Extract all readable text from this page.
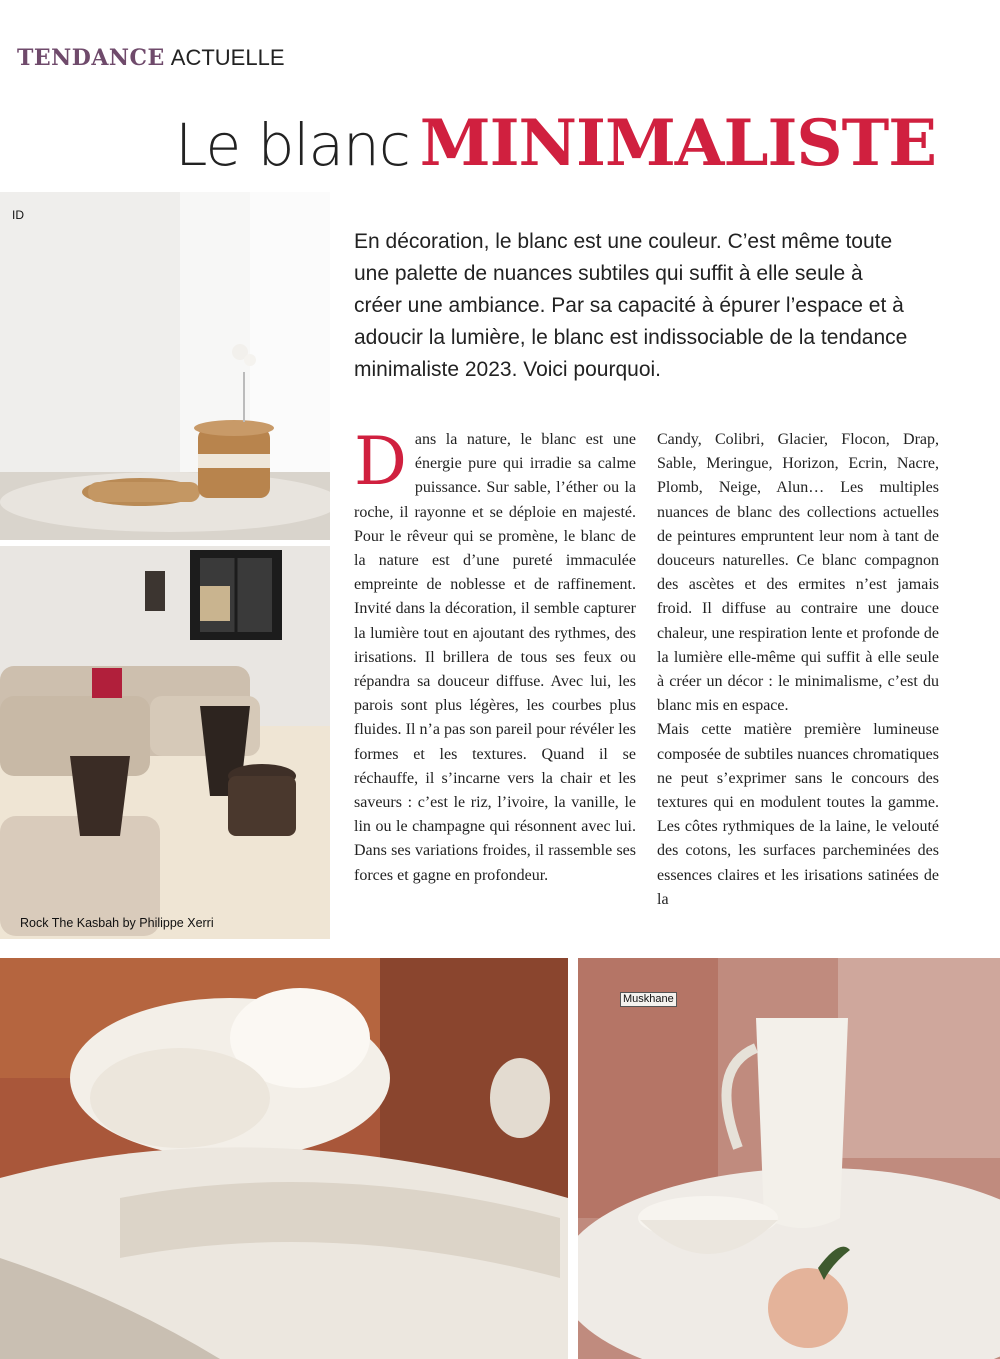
TENDANCE ACTUELLE
Le blanc MINIMALISTE
ID
Rock The Kasbah by Philippe Xerri

En décoration, le blanc est une couleur. C’est même toute une palette de nuances subtiles qui suffit à elle seule à créer une ambiance. Par sa capacité à épurer l’espace et à adoucir la lumière, le blanc est indissociable de la tendance minimaliste 2023. Voici pourquoi.

D ans la nature, le blanc est une énergie pure qui irradie sa calme puissance. Sur sable, l’éther ou la roche, il rayonne et se déploie en majesté. Pour le rêveur qui se promène, le blanc de la nature est d’une pureté immaculée empreinte de noblesse et de raffinement. Invité dans la décoration, il semble capturer la lumière tout en ajoutant des rythmes, des irisations. Il brillera de tous ses feux ou répandra sa douceur diffuse. Avec lui, les parois sont plus légères, les courbes plus fluides. Il n’a pas son pareil pour révéler les formes et les textures. Quand il se réchauffe, il s’incarne vers la chair et les saveurs : c’est le riz, l’ivoire, la vanille, le lin ou le champagne qui résonnent avec lui. Dans ses variations froides, il rassemble ses forces et gagne en profondeur.

Candy, Colibri, Glacier, Flocon, Drap, Sable, Meringue, Horizon, Ecrin, Nacre, Plomb, Neige, Alun… Les multiples nuances de blanc des collections actuelles de peintures empruntent leur nom à tant de douceurs naturelles. Ce blanc compagnon des ascètes et des ermites n’est jamais froid. Il diffuse au contraire une douce chaleur, une respiration lente et profonde de la lumière elle-même qui suffit à elle seule à créer un décor : le minimalisme, c’est du blanc mis en espace.

Mais cette matière première lumineuse composée de subtiles nuances chromatiques ne peut s’exprimer sans le concours des textures qui en modulent toutes la gamme. Les côtes rythmiques de la laine, le velouté des cotons, les surfaces parcheminées des essences claires et les irisations satinées de la

Muskhane
